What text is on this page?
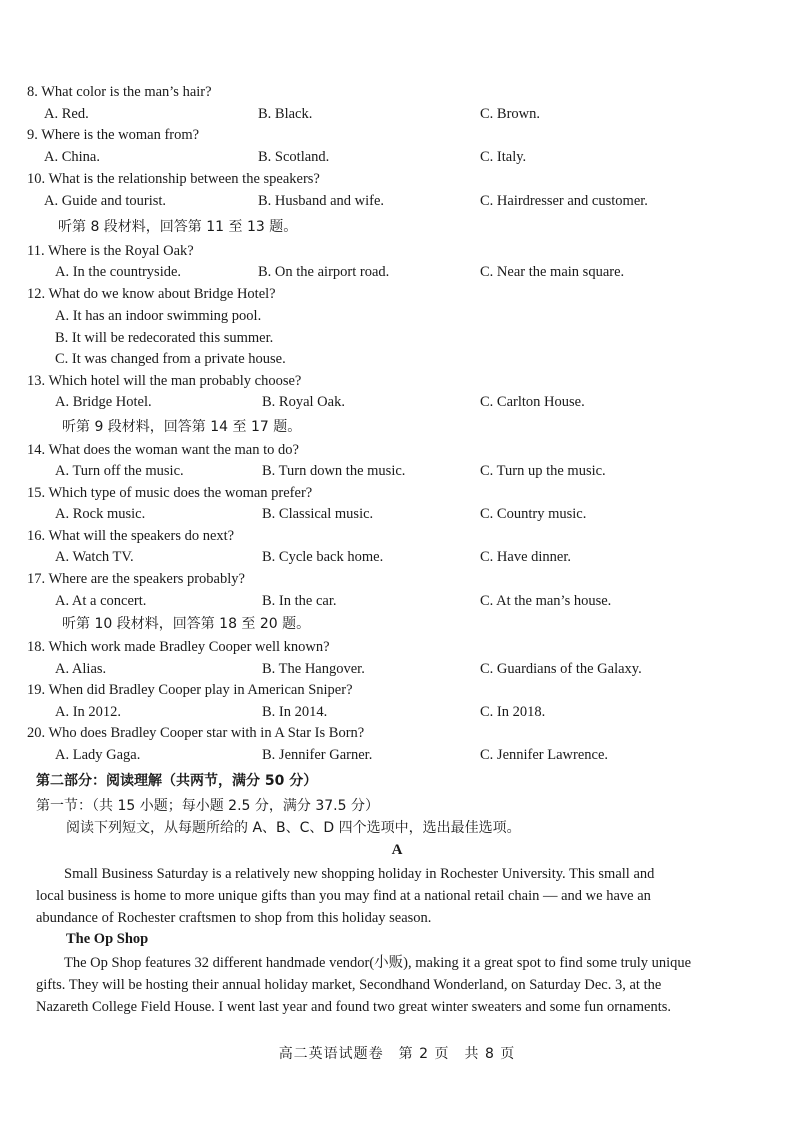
8. What color is the man’s hair?
A. Red.	B. Black.	C. Brown.
9. Where is the woman from?
A. China.	B. Scotland.	C. Italy.
10. What is the relationship between the speakers?
A. Guide and tourist.	B. Husband and wife.	C. Hairdresser and customer.
听第 8 段材料，回答第 11 至 13 题。
11. Where is the Royal Oak?
A. In the countryside.	B. On the airport road.	C. Near the main square.
12. What do we know about Bridge Hotel?
A. It has an indoor swimming pool.
B. It will be redecorated this summer.
C. It was changed from a private house.
13. Which hotel will the man probably choose?
A. Bridge Hotel.	B. Royal Oak.	C. Carlton House.
听第 9 段材料，回答第 14 至 17 题。
14. What does the woman want the man to do?
A. Turn off the music.	B. Turn down the music.	C. Turn up the music.
15. Which type of music does the woman prefer?
A. Rock music.	B. Classical music.	C. Country music.
16. What will the speakers do next?
A. Watch TV.	B. Cycle back home.	C. Have dinner.
17. Where are the speakers probably?
A. At a concert.	B. In the car.	C. At the man’s house.
听第 10 段材料，回答第 18 至 20 题。
18. Which work made Bradley Cooper well known?
A. Alias.	B. The Hangover.	C. Guardians of the Galaxy.
19. When did Bradley Cooper play in American Sniper?
A. In 2012.	B. In 2014.	C. In 2018.
20. Who does Bradley Cooper star with in A Star Is Born?
A. Lady Gaga.	B. Jennifer Garner.	C. Jennifer Lawrence.
第二部分：阅读理解（共两节，满分 50 分）
第一节：（共 15 小题；每小题 2.5 分，满分 37.5 分）
阅读下列短文，从每题所给的 A、B、C、D 四个选项中，选出最佳选项。
A
Small Business Saturday is a relatively new shopping holiday in Rochester University. This small and
local business is home to more unique gifts than you may find at a national retail chain — and we have an
abundance of Rochester craftsmen to shop from this holiday season.
The Op Shop
The Op Shop features 32 different handmade vendor(小贩), making it a great spot to find some truly unique
gifts. They will be hosting their annual holiday market, Secondhand Wonderland, on Saturday Dec. 3, at the
Nazareth College Field House. I went last year and found two great winter sweaters and some fun ornaments.
高二英语试题卷　第 2 页　共 8 页
